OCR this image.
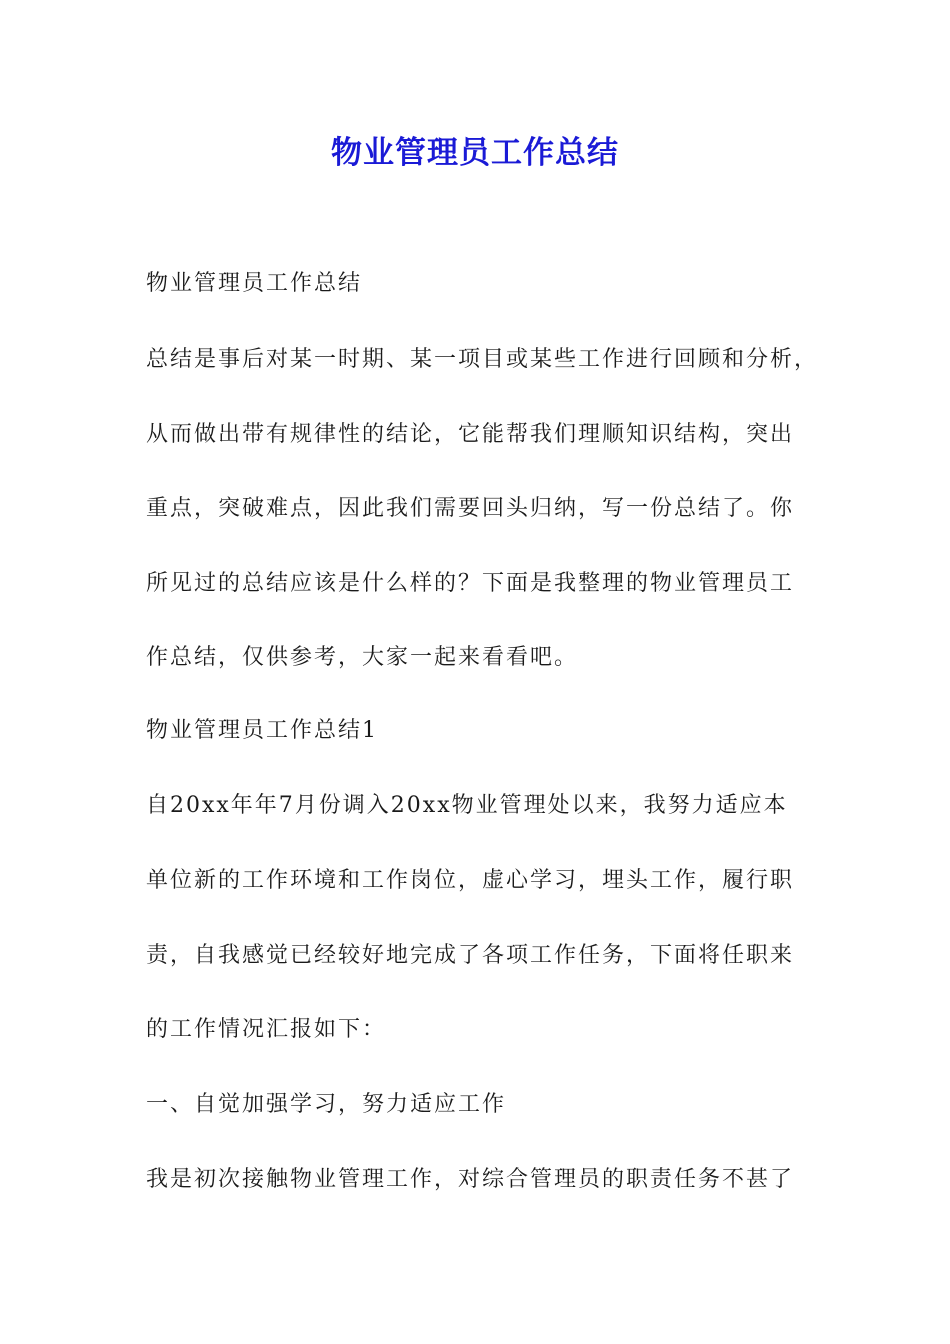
物业管理员工作总结

物业管理员工作总结

总结是事后对某一时期、某一项目或某些工作进行回顾和分析，

从而做出带有规律性的结论，它能帮我们理顺知识结构，突出

重点，突破难点，因此我们需要回头归纳，写一份总结了。你

所见过的总结应该是什么样的？下面是我整理的物业管理员工

作总结，仅供参考，大家一起来看看吧。

物业管理员工作总结1

自20xx年年7月份调入20xx物业管理处以来，我努力适应本

单位新的工作环境和工作岗位，虚心学习，埋头工作，履行职

责，自我感觉已经较好地完成了各项工作任务，下面将任职来

的工作情况汇报如下：

一、自觉加强学习，努力适应工作

我是初次接触物业管理工作，对综合管理员的职责任务不甚了
